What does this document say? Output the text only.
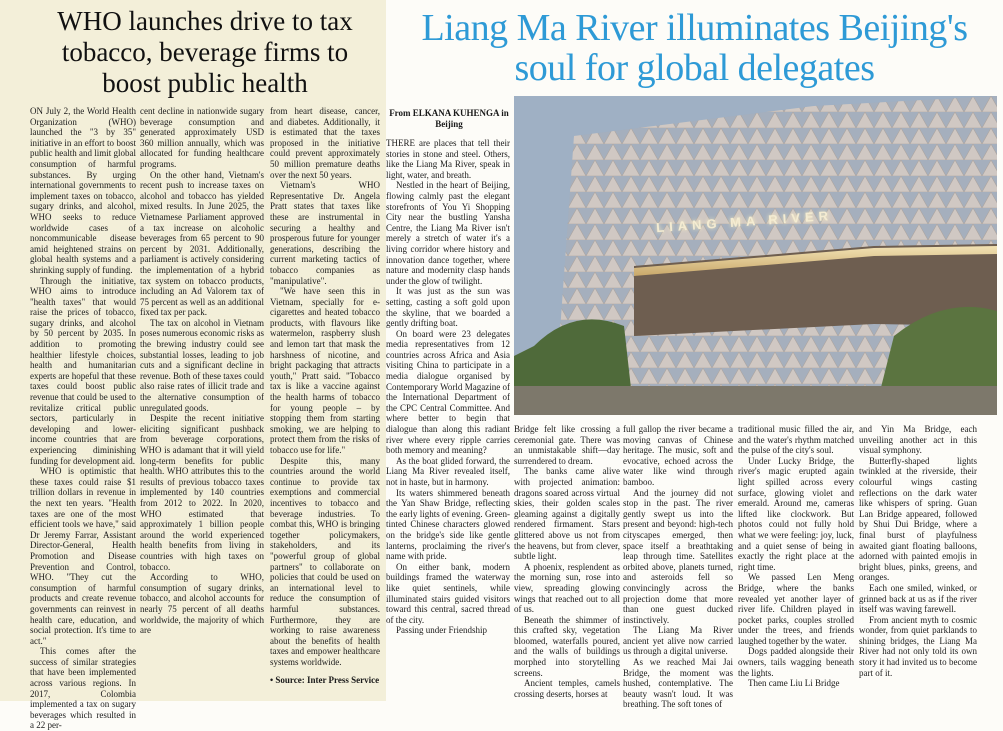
WHO launches drive to tax tobacco, beverage firms to boost public health

ON July 2, the World Health Organization (WHO) launched the "3 by 35" initiative in an effort to boost public health and limit global consumption of harmful substances. By urging international governments to implement taxes on tobacco, sugary drinks, and alcohol, WHO seeks to reduce worldwide cases of noncommunicable disease amid heightened strains on global health systems and a shrinking supply of funding.

Through the initiative, WHO aims to introduce "health taxes" that would raise the prices of tobacco, sugary drinks, and alcohol by 50 percent by 2035. In addition to promoting healthier lifestyle choices, health and humanitarian experts are hopeful that these taxes could boost public revenue that could be used to revitalize critical public sectors, particularly in developing and lower-income countries that are experiencing diminishing funding for development aid.

WHO is optimistic that these taxes could raise $1 trillion dollars in revenue in the next ten years. "Health taxes are one of the most efficient tools we have," said Dr Jeremy Farrar, Assistant Director-General, Health Promotion and Disease Prevention and Control, WHO. "They cut the consumption of harmful products and create revenue governments can reinvest in health care, education, and social protection. It's time to act."

This comes after the success of similar strategies that have been implemented across various regions. In 2017, Colombia implemented a tax on sugary beverages which resulted in a 22 per-

cent decline in nationwide sugary beverage consumption and generated approximately USD 360 million annually, which was allocated for funding healthcare programs.

On the other hand, Vietnam's recent push to increase taxes on alcohol and tobacco has yielded mixed results. In June 2025, the Vietnamese Parliament approved a tax increase on alcoholic beverages from 65 percent to 90 percent by 2031. Additionally, parliament is actively considering the implementation of a hybrid tax system on tobacco products, including an Ad Valorem tax of 75 percent as well as an additional fixed tax per pack.

The tax on alcohol in Vietnam poses numerous economic risks as the brewing industry could see substantial losses, leading to job cuts and a significant decline in revenue. Both of these taxes could also raise rates of illicit trade and the alternative consumption of unregulated goods.

Despite the recent initiative eliciting significant pushback from beverage corporations, WHO is adamant that it will yield long-term benefits for public health. WHO attributes this to the results of previous tobacco taxes implemented by 140 countries from 2012 to 2022. In 2020, WHO estimated that approximately 1 billion people around the world experienced health benefits from living in countries with high taxes on tobacco.

According to WHO, consumption of sugary drinks, tobacco, and alcohol accounts for nearly 75 percent of all deaths worldwide, the majority of which are

from heart disease, cancer, and diabetes. Additionally, it is estimated that the taxes proposed in the initiative could prevent approximately 50 million premature deaths over the next 50 years.

Vietnam's WHO Representative Dr. Angela Pratt states that taxes like these are instrumental in securing a healthy and prosperous future for younger generations, describing the current marketing tactics of tobacco companies as "manipulative".

"We have seen this in Vietnam, specially for e-cigarettes and heated tobacco products, with flavours like watermelon, raspberry slush and lemon tart that mask the harshness of nicotine, and bright packaging that attracts youth," Pratt said. "Tobacco tax is like a vaccine against the health harms of tobacco for young people – by stopping them from starting smoking, we are helping to protect them from the risks of tobacco use for life."

Despite this, many countries around the world continue to provide tax exemptions and commercial incentives to tobacco and beverage industries. To combat this, WHO is bringing together policymakers, stakeholders, and its "powerful group of global partners" to collaborate on policies that could be used on an international level to reduce the consumption of harmful substances. Furthermore, they are working to raise awareness about the benefits of health taxes and empower healthcare systems worldwide.

• Source: Inter Press Service

Liang Ma River illuminates Beijing's soul for global delegates
From ELKANA KUHENGA in Beijing
LIANG MA RIVER

THERE are places that tell their stories in stone and steel. Others, like the Liang Ma River, speak in light, water, and breath.

Nestled in the heart of Beijing, flowing calmly past the elegant storefronts of You Yi Shopping City near the bustling Yansha Centre, the Liang Ma River isn't merely a stretch of water it's a living corridor where history and innovation dance together, where nature and modernity clasp hands under the glow of twilight.

It was just as the sun was setting, casting a soft gold upon the skyline, that we boarded a gently drifting boat.

On board were 23 delegates media representatives from 12 countries across Africa and Asia visiting China to participate in a media dialogue organised by Contemporary World Magazine of the International Department of the CPC Central Committee. And where better to begin that dialogue than along this radiant river where every ripple carries both memory and meaning?

As the boat glided forward, the Liang Ma River revealed itself, not in haste, but in harmony.

Its waters shimmered beneath the Yan Shaw Bridge, reflecting the early lights of evening. Green-tinted Chinese characters glowed on the bridge's side like gentle lanterns, proclaiming the river's name with pride.

On either bank, modern buildings framed the waterway like quiet sentinels, while illuminated stairs guided visitors toward this central, sacred thread of the city.

Passing under Friendship

Bridge felt like crossing a ceremonial gate. There was an unmistakable shift—day surrendered to dream.

The banks came alive with projected animation: dragons soared across virtual skies, their golden scales gleaming against a digitally rendered firmament. Stars glittered above us not from the heavens, but from clever, subtle light.

A phoenix, resplendent as the morning sun, rose into view, spreading glowing wings that reached out to all of us.

Beneath the shimmer of this crafted sky, vegetation bloomed, waterfalls poured, and the walls of buildings morphed into storytelling screens.

Ancient temples, camels crossing deserts, horses at

full gallop the river became a moving canvas of Chinese heritage. The music, soft and evocative, echoed across the water like wind through bamboo.

And the journey did not stop in the past. The river gently swept us into the present and beyond: high-tech cityscapes emerged, then space itself a breathtaking leap through time. Satellites orbited above, planets turned, and asteroids fell so convincingly across the projection dome that more than one guest ducked instinctively.

The Liang Ma River ancient yet alive now carried us through a digital universe.

As we reached Mai Jai Bridge, the moment was hushed, contemplative. The beauty wasn't loud. It was breathing. The soft tones of

traditional music filled the air, and the water's rhythm matched the pulse of the city's soul.

Under Lucky Bridge, the river's magic erupted again light spilled across every surface, glowing violet and emerald. Around me, cameras lifted like clockwork. But photos could not fully hold what we were feeling: joy, luck, and a quiet sense of being in exactly the right place at the right time.

We passed Len Meng Bridge, where the banks revealed yet another layer of river life. Children played in pocket parks, couples strolled under the trees, and friends laughed together by the water.

Dogs padded alongside their owners, tails wagging beneath the lights.

Then came Liu Li Bridge

and Yin Ma Bridge, each unveiling another act in this visual symphony.

Butterfly-shaped lights twinkled at the riverside, their colourful wings casting reflections on the dark water like whispers of spring. Guan Lan Bridge appeared, followed by Shui Dui Bridge, where a final burst of playfulness awaited giant floating balloons, adorned with painted emojis in bright blues, pinks, greens, and oranges.

Each one smiled, winked, or grinned back at us as if the river itself was waving farewell.

From ancient myth to cosmic wonder, from quiet parklands to shining bridges, the Liang Ma River had not only told its own story it had invited us to become part of it.
